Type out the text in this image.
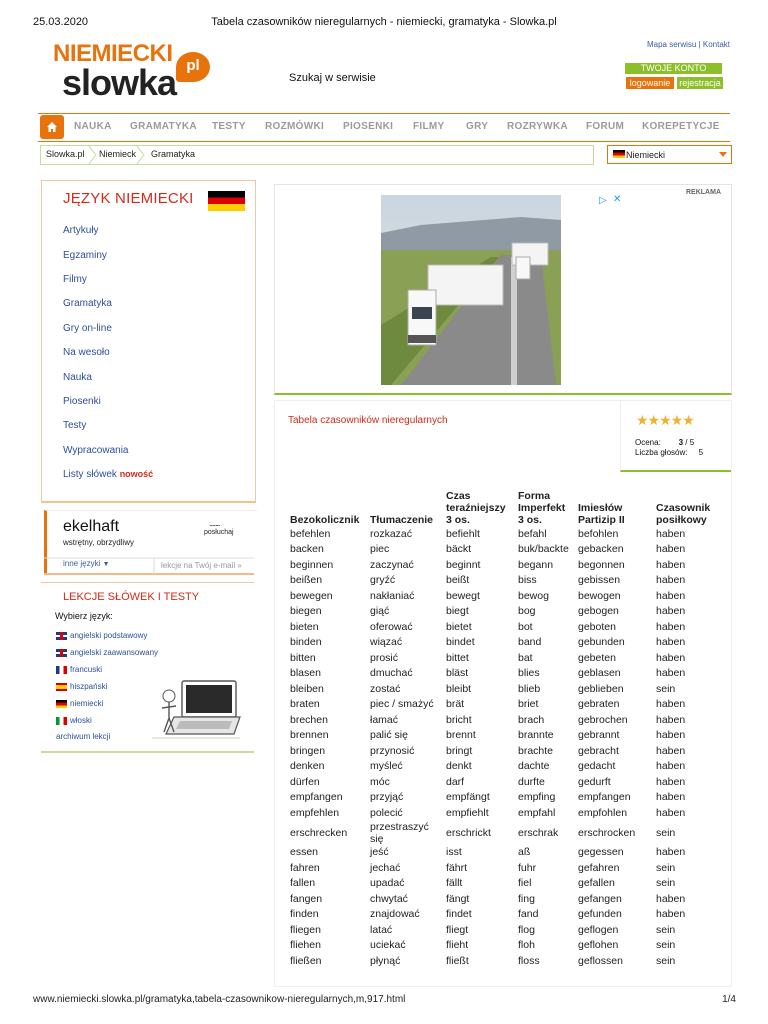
25.03.2020	Tabela czasowników nieregularnych - niemiecki, gramatyka - Slowka.pl
www.niemiecki.slowka.pl/gramatyka,tabela-czasownikow-nieregularnych,m,917.html	1/4
NIEMIECKI
slowka pl
Szukaj w serwisie
Mapa serwisu | Kontakt
TWOJE KONTO
logowanie rejestracja
NAUKA GRAMATYKA TESTY ROZMÓWKI PIOSENKI FILMY GRY ROZRYWKA FORUM KOREPETYCJE
Slowka.pl Niemieck Gramatyka	Niemiecki
JĘZYK NIEMIECKI
Artykuły
Egzaminy
Filmy
Gramatyka
Gry on-line
Na wesoło
Nauka
Piosenki
Testy
Wypracowania
Listy słówek nowość
ekelhaft
wstrętny, obrzydliwy
.......
posłuchaj
inne języki ▼	lekcje na Twój e-mail »
LEKCJE SŁÓWEK I TESTY
Wybierz język:
angielski podstawowy
angielski zaawansowany
francuski
hiszpański
niemiecki
włoski
archiwum lekcji
REKLAMA
▷ ✕
Tabela czasowników nieregularnych	★★★★★
Ocena: 3 / 5
Liczba głosów: 5
Bezokolicznik	Tłumaczenie	Czas teraźniejszy 3 os.	Forma Imperfekt 3 os.	Imiesłów Partizip II	Czasownik posiłkowy
befehlen	rozkazać	befiehlt	befahl	befohlen	haben
backen	piec	bäckt	buk/backte	gebacken	haben
beginnen	zaczynać	beginnt	begann	begonnen	haben
beißen	gryźć	beißt	biss	gebissen	haben
bewegen	nakłaniać	bewegt	bewog	bewogen	haben
biegen	giąć	biegt	bog	gebogen	haben
bieten	oferować	bietet	bot	geboten	haben
binden	wiązać	bindet	band	gebunden	haben
bitten	prosić	bittet	bat	gebeten	haben
blasen	dmuchać	bläst	blies	geblasen	haben
bleiben	zostać	bleibt	blieb	geblieben	sein
braten	piec / smażyć	brät	briet	gebraten	haben
brechen	łamać	bricht	brach	gebrochen	haben
brennen	palić się	brennt	brannte	gebrannt	haben
bringen	przynosić	bringt	brachte	gebracht	haben
denken	myśleć	denkt	dachte	gedacht	haben
dürfen	móc	darf	durfte	gedurft	haben
empfangen	przyjąć	empfängt	empfing	empfangen	haben
empfehlen	polecić	empfiehlt	empfahl	empfohlen	haben
erschrecken	przestraszyć się	erschrickt	erschrak	erschrocken	sein
essen	jeść	isst	aß	gegessen	haben
fahren	jechać	fährt	fuhr	gefahren	sein
fallen	upadać	fällt	fiel	gefallen	sein
fangen	chwytać	fängt	fing	gefangen	haben
finden	znajdować	findet	fand	gefunden	haben
fliegen	latać	fliegt	flog	geflogen	sein
fliehen	uciekać	flieht	floh	geflohen	sein
fließen	płynąć	fließt	floss	geflossen	sein
